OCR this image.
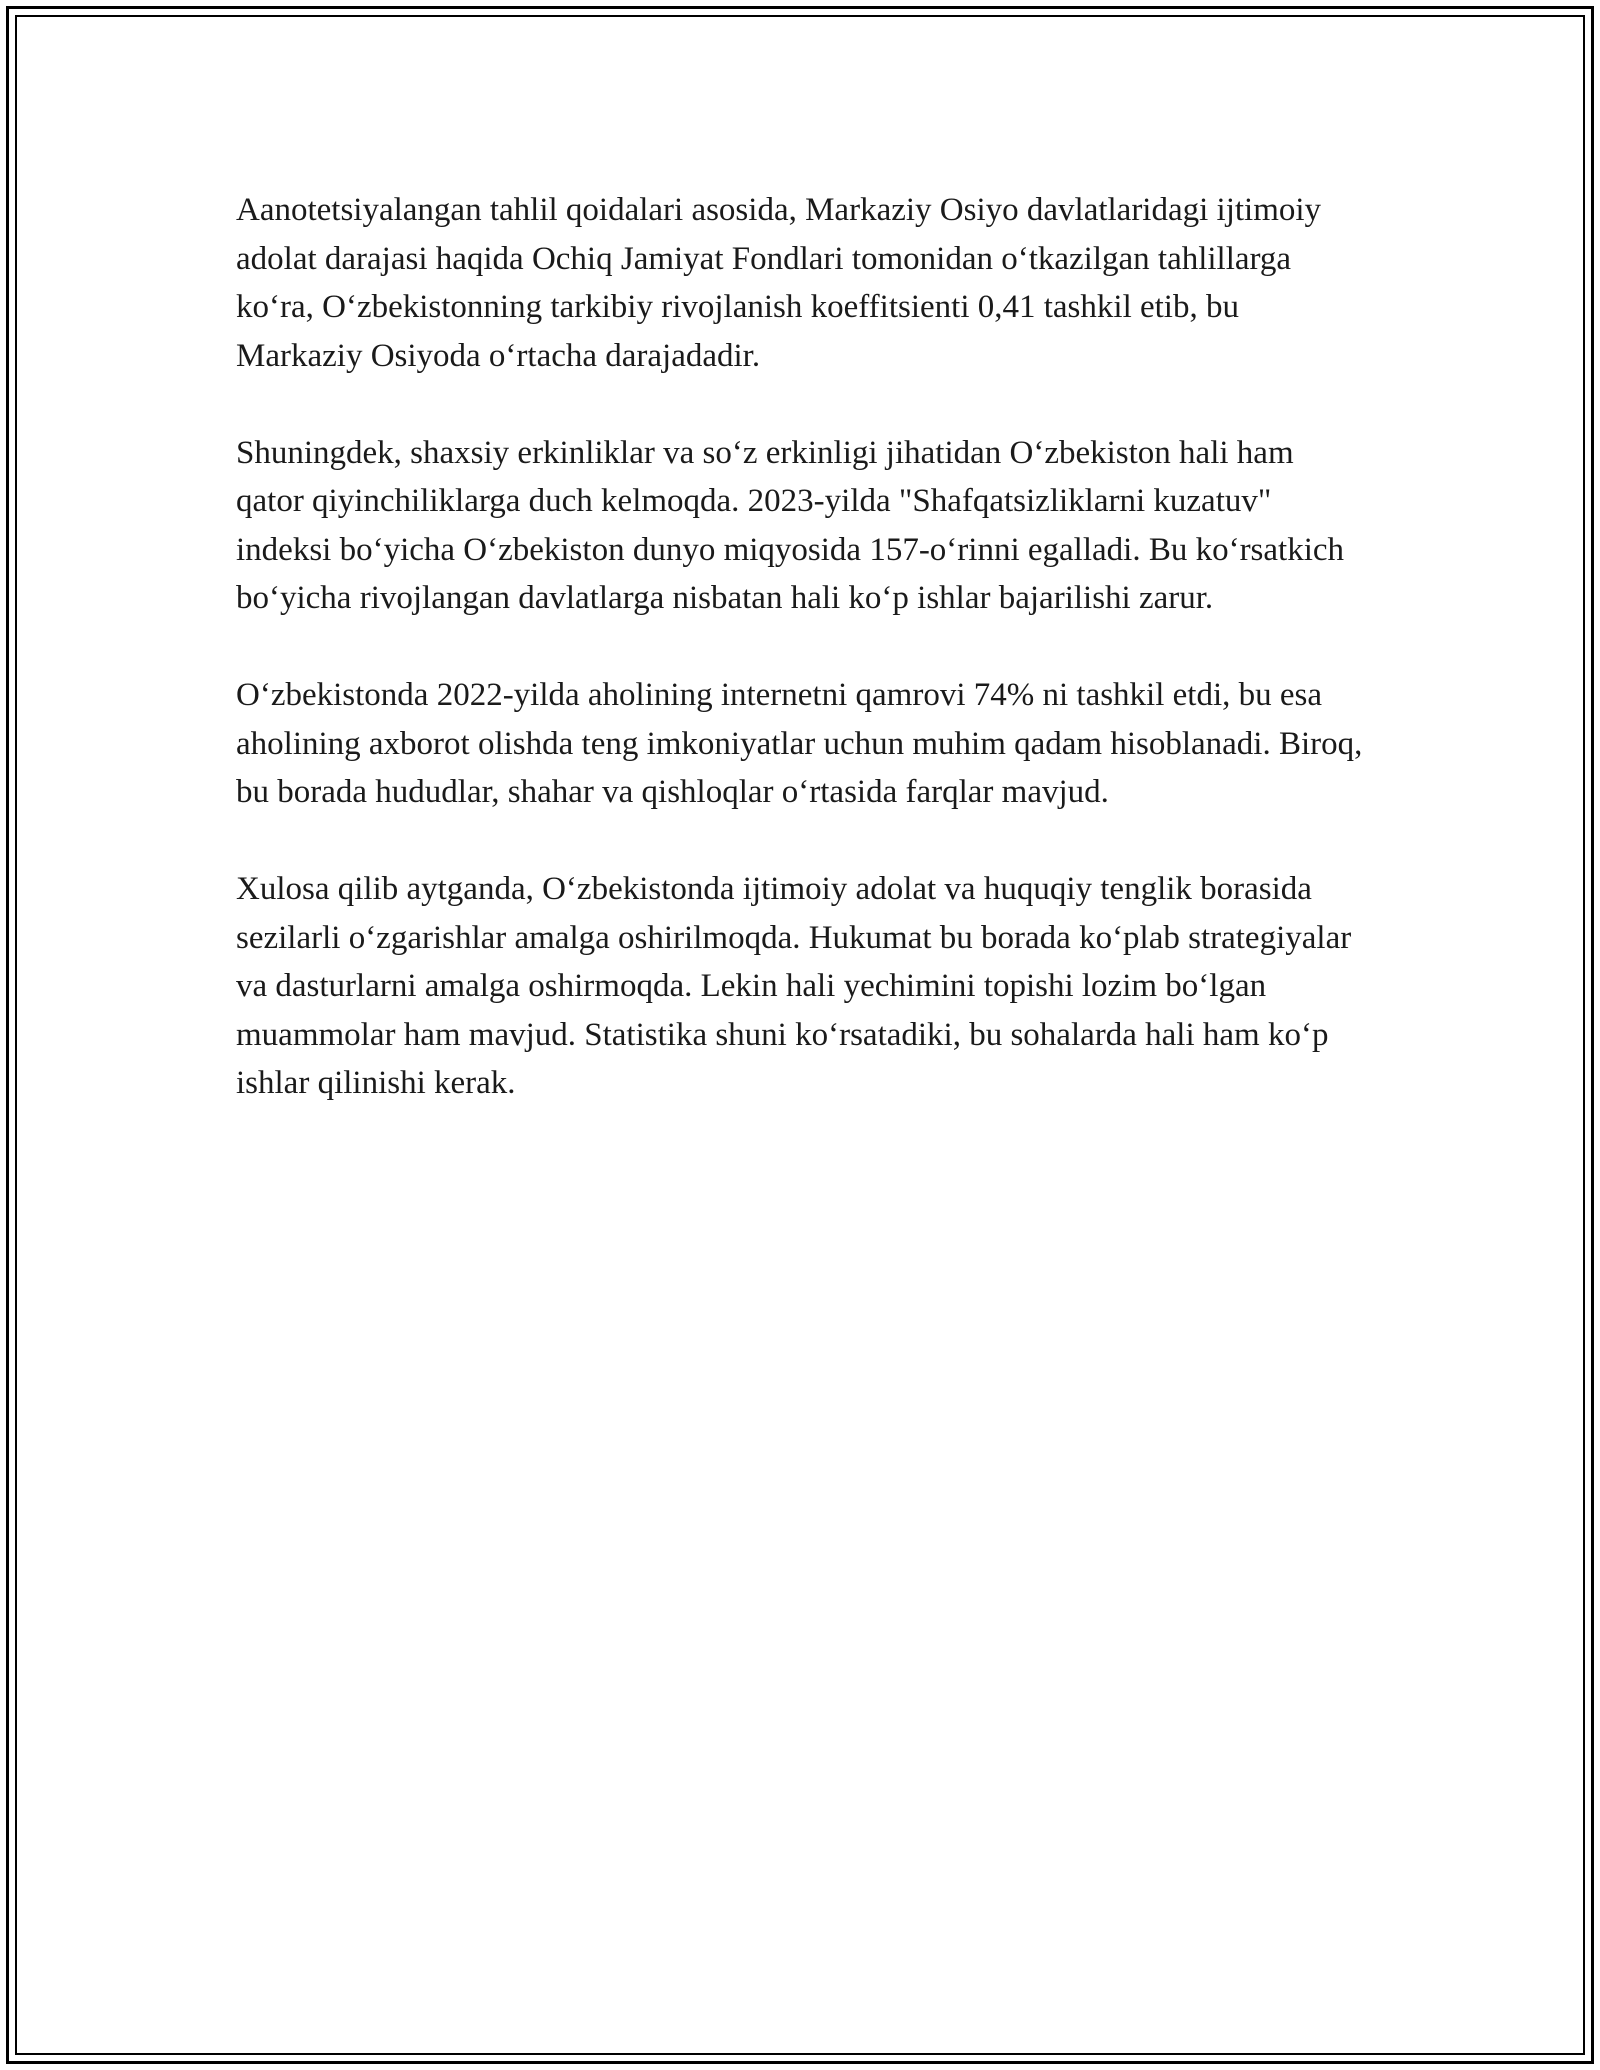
Aanotetsiyalangan tahlil qoidalari asosida, Markaziy Osiyo davlatlaridagi ijtimoiy adolat darajasi haqida Ochiq Jamiyat Fondlari tomonidan o‘tkazilgan tahlillarga ko‘ra, O‘zbekistonning tarkibiy rivojlanish koeffitsienti 0,41 tashkil etib, bu Markaziy Osiyoda o‘rtacha darajadadir.

Shuningdek, shaxsiy erkinliklar va so‘z erkinligi jihatidan O‘zbekiston hali ham qator qiyinchiliklarga duch kelmoqda. 2023-yilda "Shafqatsizliklarni kuzatuv" indeksi bo‘yicha O‘zbekiston dunyo miqyosida 157-o‘rinni egalladi. Bu ko‘rsatkich bo‘yicha rivojlangan davlatlarga nisbatan hali ko‘p ishlar bajarilishi zarur.

O‘zbekistonda 2022-yilda aholining internetni qamrovi 74% ni tashkil etdi, bu esa aholining axborot olishda teng imkoniyatlar uchun muhim qadam hisoblanadi. Biroq, bu borada hududlar, shahar va qishloqlar o‘rtasida farqlar mavjud.

Xulosa qilib aytganda, O‘zbekistonda ijtimoiy adolat va huquqiy tenglik borasida sezilarli o‘zgarishlar amalga oshirilmoqda. Hukumat bu borada ko‘plab strategiyalar va dasturlarni amalga oshirmoqda. Lekin hali yechimini topishi lozim bo‘lgan muammolar ham mavjud. Statistika shuni ko‘rsatadiki, bu sohalarda hali ham ko‘p ishlar qilinishi kerak.
